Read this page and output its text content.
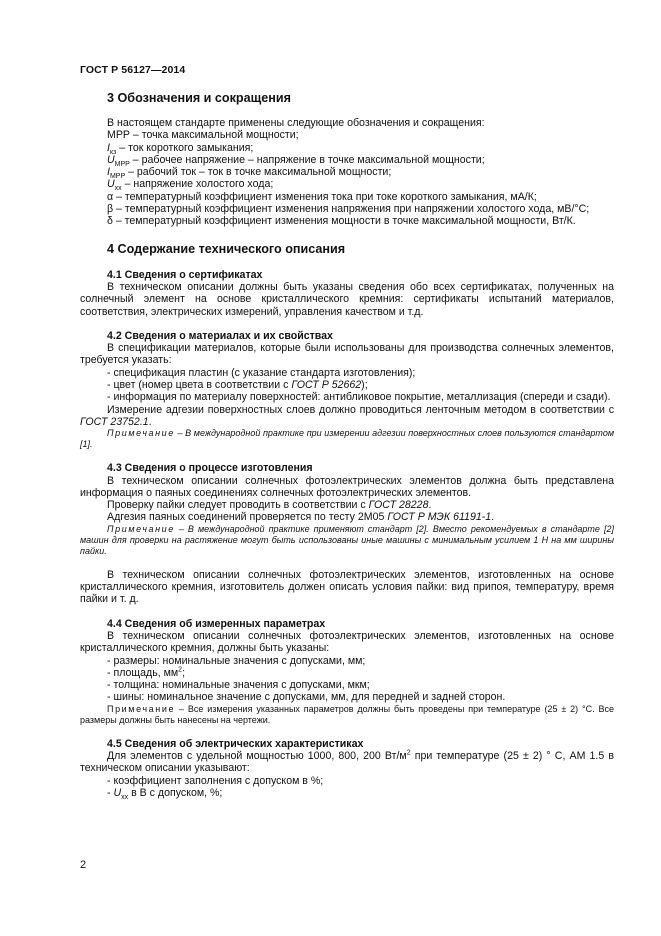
ГОСТ Р 56127—2014
3 Обозначения и сокращения

В настоящем стандарте применены следующие обозначения и сокращения:

МРР – точка максимальной мощности;

$I_{кз}$ – ток короткого замыкания;

$U_{MPP}$ – рабочее напряжение – напряжение в точке максимальной мощности;

$I_{MPP}$ – рабочий ток – ток в точке максимальной мощности;

$U_{хх}$ – напряжение холостого хода;

α – температурный коэффициент изменения тока при токе короткого замыкания, мА/К;

β – температурный коэффициент изменения напряжения при напряжении холостого хода, мВ/°С;

δ – температурный коэффициент изменения мощности в точке максимальной мощности, Вт/К.

4 Содержание технического описания
4.1 Сведения о сертификатах

В техническом описании должны быть указаны сведения обо всех сертификатах, полученных на солнечный элемент на основе кристаллического кремния: сертификаты испытаний материалов, соответствия, электрических измерений, управления качеством и т.д.

4.2 Сведения о материалах и их свойствах

В спецификации материалов, которые были использованы для производства солнечных элементов, требуется указать:

- спецификация пластин (с указание стандарта изготовления);

- цвет (номер цвета в соответствии с ГОСТ Р 52662);

- информация по материалу поверхностей: антибликовое покрытие, металлизация (спереди и сзади).

Измерение адгезии поверхностных слоев должно проводиться ленточным методом в соответствии с ГОСТ 23752.1.

Примечание – В международной практике при измерении адгезии поверхностных слоев пользуются стандартом [1].

4.3 Сведения о процессе изготовления

В техническом описании солнечных фотоэлектрических элементов должна быть представлена информация о паяных соединениях солнечных фотоэлектрических элементов.

Проверку пайки следует проводить в соответствии с ГОСТ 28228.

Адгезия паяных соединений проверяется по тесту 2М05 ГОСТ Р МЭК 61191-1.

Примечание – В международной практике применяют стандарт [2]. Вместо рекомендуемых в стандарте [2] машин для проверки на растяжение могут быть использованы иные машины с минимальным усилием 1 Н на мм ширины пайки.

В техническом описании солнечных фотоэлектрических элементов, изготовленных на основе кристаллического кремния, изготовитель должен описать условия пайки: вид припоя, температуру, время пайки и т. д.

4.4 Сведения об измеренных параметрах

В техническом описании солнечных фотоэлектрических элементов, изготовленных на основе кристаллического кремния, должны быть указаны:

- размеры: номинальные значения с допусками, мм;

- площадь, $мм^2$;

- толщина: номинальные значения с допусками, мкм;

- шины: номинальное значение с допусками, мм, для передней и задней сторон.

Примечание – Все измерения указанных параметров должны быть проведены при температуре (25 ± 2) °С. Все размеры должны быть нанесены на чертежи.

4.5 Сведения об электрических характеристиках

Для элементов с удельной мощностью 1000, 800, 200 $Вт/м^2$ при температуре (25 ± 2) ° С, АМ 1.5 в техническом описании указывают:

- коэффициент заполнения с допуском в %;

- $U_{хх}$ в В с допуском, %;

2
